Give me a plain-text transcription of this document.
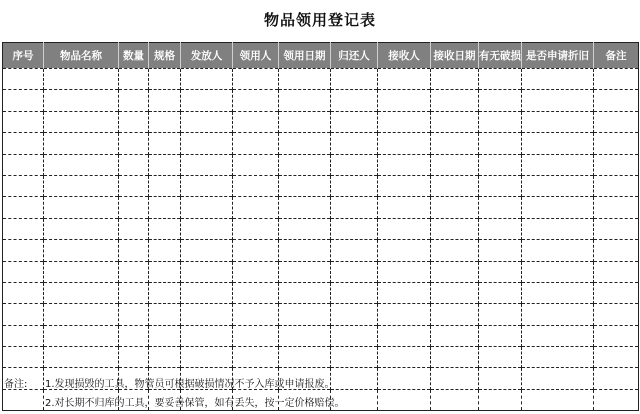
物品领用登记表
序号	物品名称	数量	规格	发放人	领用人	领用日期	归还人	接收人	接收日期	有无破损	是否申请折旧	备注

备注:	1.发现损毁的工具，物管员可根据破损情况不予入库或申请报废。
2.对长期不归库的工具，要妥善保管，如有丢失，按一定价格赔偿。
